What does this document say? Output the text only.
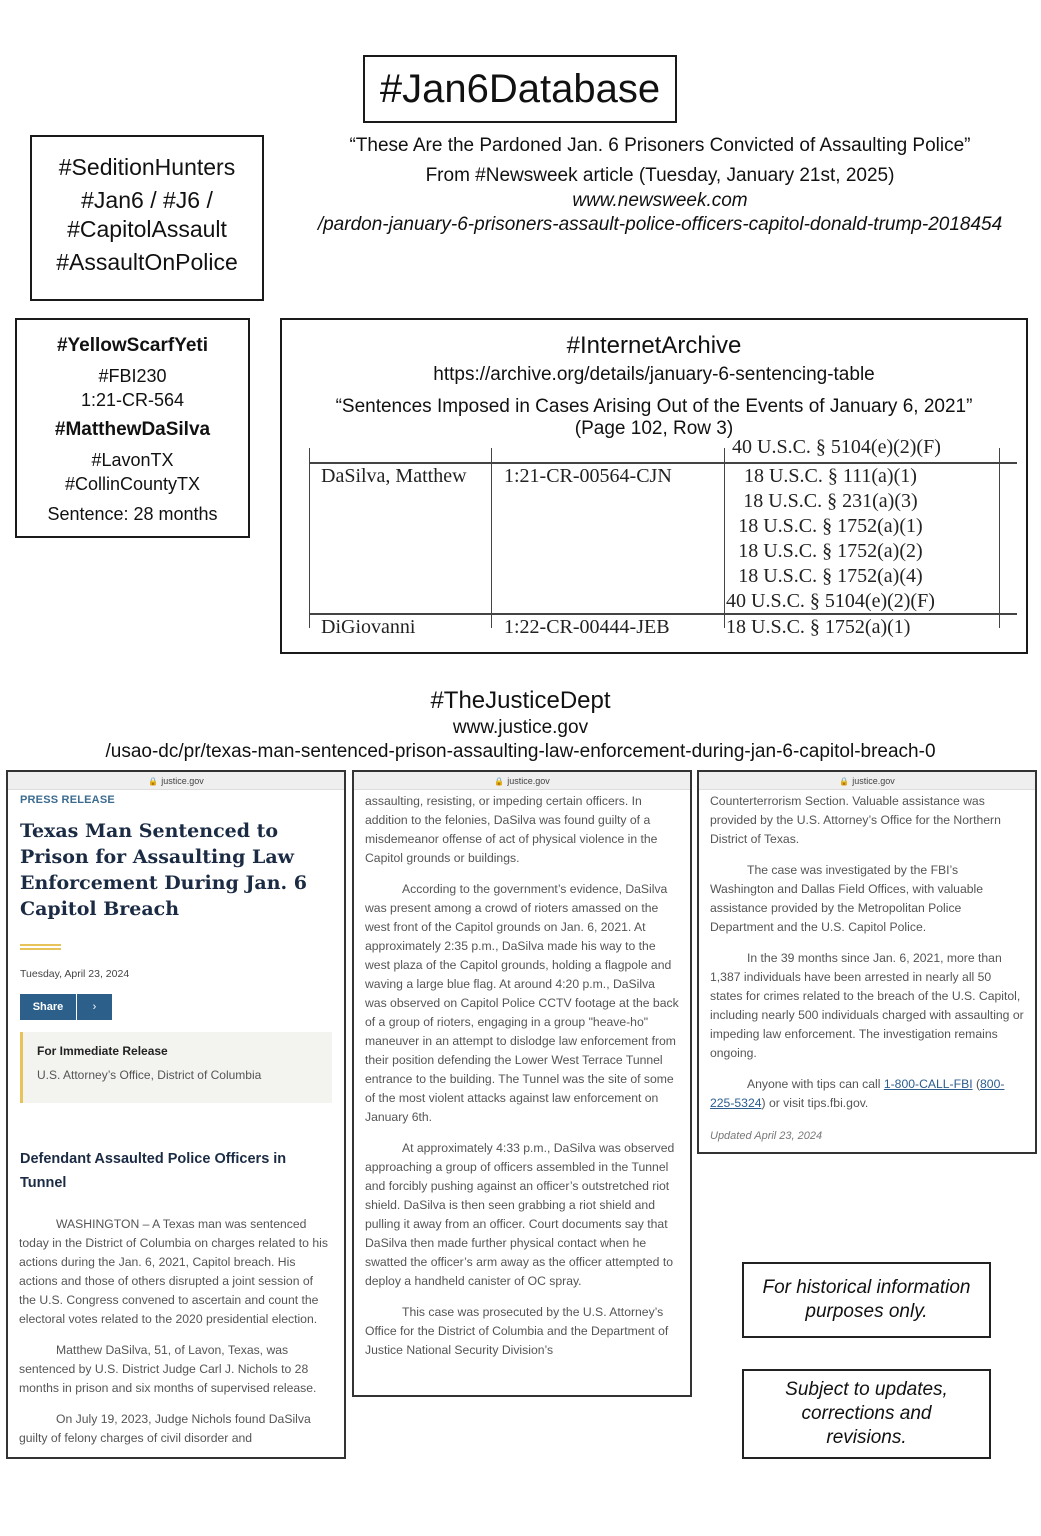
#Jan6Database
#SeditionHunters
#Jan6 / #J6 /
#CapitolAssault
#AssaultOnPolice
“These Are the Pardoned Jan. 6 Prisoners Convicted of Assaulting Police”
From #Newsweek article (Tuesday, January 21st, 2025)
www.newsweek.com
/pardon-january-6-prisoners-assault-police-officers-capitol-donald-trump-2018454
#YellowScarfYeti
#FBI230
1:21-CR-564
#MatthewDaSilva
#LavonTX
#CollinCountyTX
Sentence: 28 months
#InternetArchive
https://archive.org/details/january-6-sentencing-table
“Sentences Imposed in Cases Arising Out of the Events of January 6, 2021”
(Page 102, Row 3)
40 U.S.C. § 5104(e)(2)(F)
DaSilva, Matthew 1:21-CR-00564-CJN	18 U.S.C. § 111(a)(1)
18 U.S.C. § 231(a)(3)
18 U.S.C. § 1752(a)(1)
18 U.S.C. § 1752(a)(2)
18 U.S.C. § 1752(a)(4)
40 U.S.C. § 5104(e)(2)(F)
DiGiovanni	1:22-CR-00444-JEB	18 U.S.C. § 1752(a)(1)
#TheJusticeDept
www.justice.gov
/usao-dc/pr/texas-man-sentenced-prison-assaulting-law-enforcement-during-jan-6-capitol-breach-0
🔒 justice.gov
PRESS RELEASE
Texas Man Sentenced to Prison for Assaulting Law Enforcement During Jan. 6 Capitol Breach
Tuesday, April 23, 2024
Share	›
For Immediate Release
U.S. Attorney’s Office, District of Columbia
Defendant Assaulted Police Officers in Tunnel

WASHINGTON – A Texas man was sentenced today in the District of Columbia on charges related to his actions during the Jan. 6, 2021, Capitol breach. His actions and those of others disrupted a joint session of the U.S. Congress convened to ascertain and count the electoral votes related to the 2020 presidential election.

Matthew DaSilva, 51, of Lavon, Texas, was sentenced by U.S. District Judge Carl J. Nichols to 28 months in prison and six months of supervised release.

On July 19, 2023, Judge Nichols found DaSilva guilty of felony charges of civil disorder and

🔒 justice.gov

assaulting, resisting, or impeding certain officers. In addition to the felonies, DaSilva was found guilty of a misdemeanor offense of act of physical violence in the Capitol grounds or buildings.

According to the government’s evidence, DaSilva was present among a crowd of rioters amassed on the west front of the Capitol grounds on Jan. 6, 2021. At approximately 2:35 p.m., DaSilva made his way to the west plaza of the Capitol grounds, holding a flagpole and waving a large blue flag. At around 4:20 p.m., DaSilva was observed on Capitol Police CCTV footage at the back of a group of rioters, engaging in a group "heave-ho" maneuver in an attempt to dislodge law enforcement from their position defending the Lower West Terrace Tunnel entrance to the building. The Tunnel was the site of some of the most violent attacks against law enforcement on January 6th.

At approximately 4:33 p.m., DaSilva was observed approaching a group of officers assembled in the Tunnel and forcibly pushing against an officer’s outstretched riot shield. DaSilva is then seen grabbing a riot shield and pulling it away from an officer. Court documents say that DaSilva then made further physical contact when he swatted the officer’s arm away as the officer attempted to deploy a handheld canister of OC spray.

This case was prosecuted by the U.S. Attorney’s Office for the District of Columbia and the Department of Justice National Security Division’s

🔒 justice.gov

Counterterrorism Section. Valuable assistance was provided by the U.S. Attorney’s Office for the Northern District of Texas.

The case was investigated by the FBI’s Washington and Dallas Field Offices, with valuable assistance provided by the Metropolitan Police Department and the U.S. Capitol Police.

In the 39 months since Jan. 6, 2021, more than 1,387 individuals have been arrested in nearly all 50 states for crimes related to the breach of the U.S. Capitol, including nearly 500 individuals charged with assaulting or impeding law enforcement. The investigation remains ongoing.

Anyone with tips can call 1-800-CALL-FBI (800-225-5324) or visit tips.fbi.gov.

Updated April 23, 2024

For historical information purposes only.
Subject to updates, corrections and revisions.
